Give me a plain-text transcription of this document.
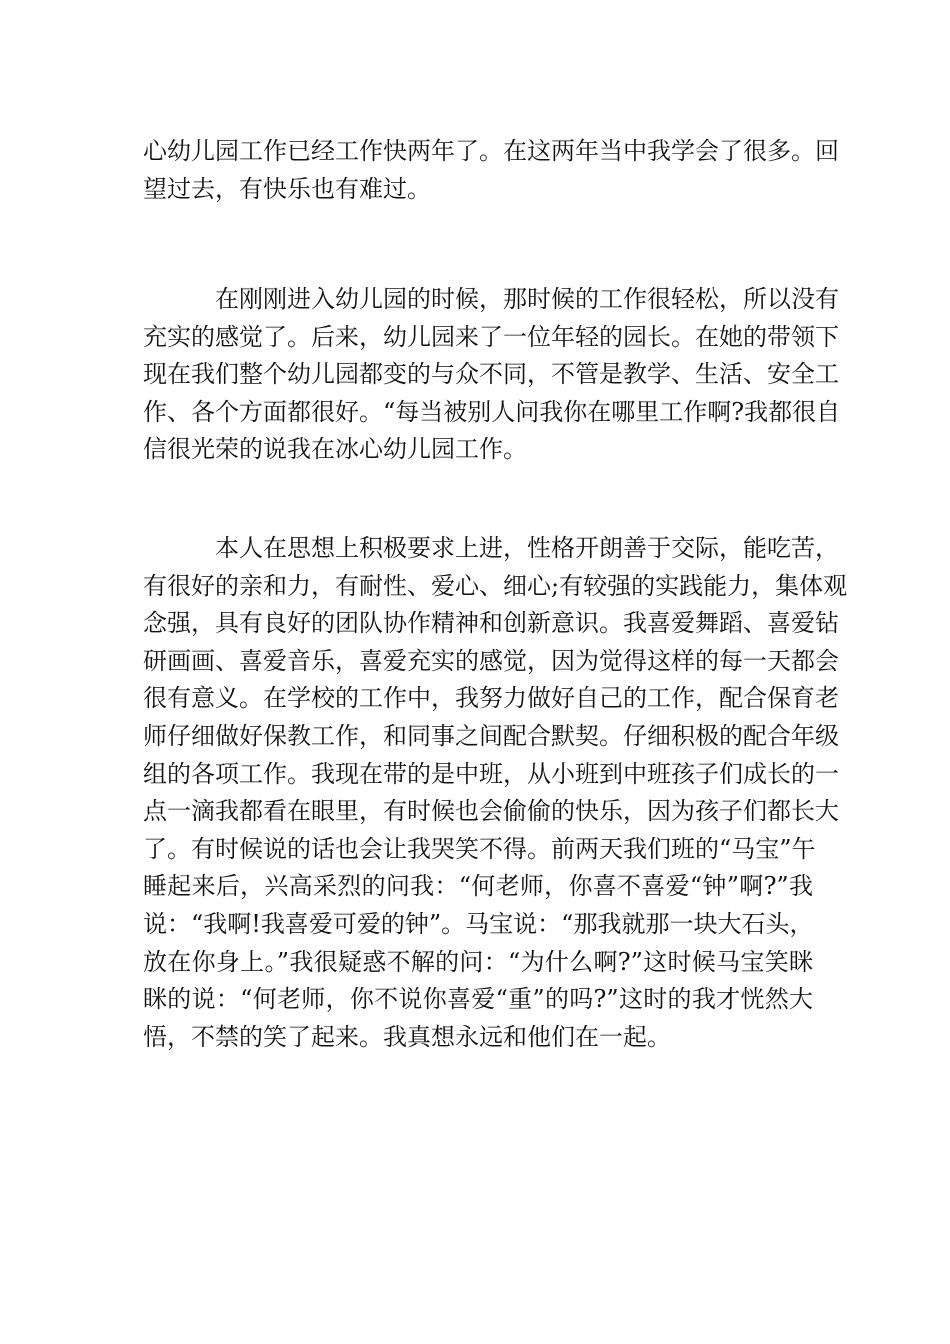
心幼儿园工作已经工作快两年了。在这两年当中我学会了很多。回
望过去，有快乐也有难过。
在刚刚进入幼儿园的时候，那时候的工作很轻松，所以没有
充实的感觉了。后来，幼儿园来了一位年轻的园长。在她的带领下
现在我们整个幼儿园都变的与众不同，不管是教学、生活、安全工
作、各个方面都很好。“每当被别人问我你在哪里工作啊?我都很自
信很光荣的说我在冰心幼儿园工作。
本人在思想上积极要求上进，性格开朗善于交际，能吃苦，
有很好的亲和力，有耐性、爱心、细心;有较强的实践能力，集体观
念强，具有良好的团队协作精神和创新意识。我喜爱舞蹈、喜爱钻
研画画、喜爱音乐，喜爱充实的感觉，因为觉得这样的每一天都会
很有意义。在学校的工作中，我努力做好自己的工作，配合保育老
师仔细做好保教工作，和同事之间配合默契。仔细积极的配合年级
组的各项工作。我现在带的是中班，从小班到中班孩子们成长的一
点一滴我都看在眼里，有时候也会偷偷的快乐，因为孩子们都长大
了。有时候说的话也会让我哭笑不得。前两天我们班的“马宝”午
睡起来后，兴高采烈的问我：“何老师，你喜不喜爱“钟”啊?”我
说：“我啊!我喜爱可爱的钟”。马宝说：“那我就那一块大石头，
放在你身上。”我很疑惑不解的问：“为什么啊?”这时候马宝笑眯
眯的说：“何老师，你不说你喜爱“重”的吗?”这时的我才恍然大
悟，不禁的笑了起来。我真想永远和他们在一起。
